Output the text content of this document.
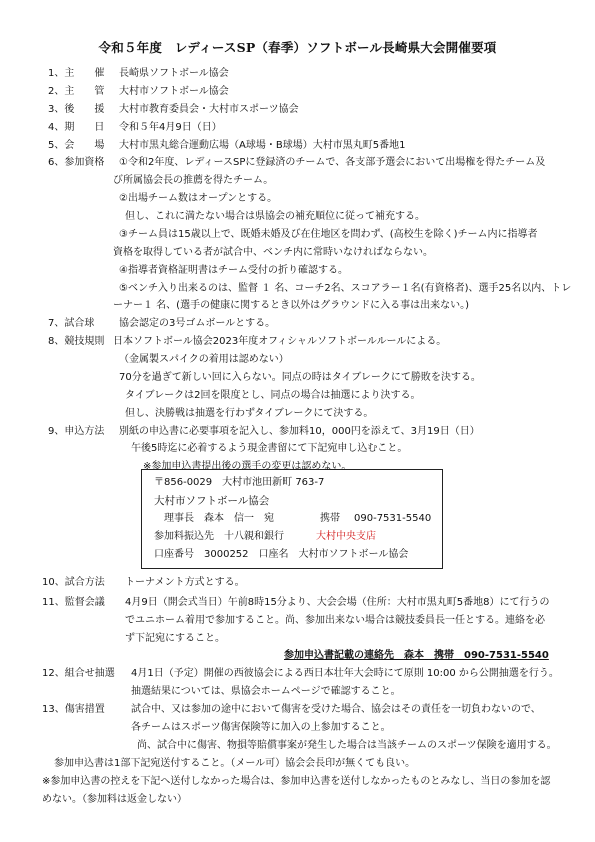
令和５年度　レディースSP（春季）ソフトボール長崎県大会開催要項
1、主　　催 長崎県ソフトボール協会
2、主　　管 大村市ソフトボール協会
3、後　　援 大村市教育委員会・大村市スポーツ協会
4、期　　日 令和５年4月9日（日）
5、会　　場 大村市黒丸総合運動広場（A球場・B球場）大村市黒丸町5番地1
6、参加資格 ①令和2年度、レディースSPに登録済のチームで、各支部予選会において出場権を得たチーム及
び所属協会長の推薦を得たチーム。
②出場チーム数はオープンとする。
但し、これに満たない場合は県協会の補充順位に従って補充する。
③チーム員は15歳以上で、既婚未婚及び在住地区を問わず、(高校生を除く)チーム内に指導者
資格を取得している者が試合中、ベンチ内に常時いなければならない。
④指導者資格証明書はチーム受付の折り確認する。
⑤ベンチ入り出来るのは、監督 １ 名、コーチ2名、スコアラー１名(有資格者)、選手25名以内、トレ
ーナー１ 名、(選手の健康に関するとき以外はグラウンドに入る事は出来ない。)
7、試合球 協会認定の3号ゴムボールとする。
8、競技規則 日本ソフトボール協会2023年度オフィシャルソフトボールルールによる。
（金属製スパイクの着用は認めない）
70分を過ぎて新しい回に入らない。同点の時はタイブレークにて勝敗を決する。
タイブレークは2回を限度とし、同点の場合は抽選により決する。
但し、決勝戦は抽選を行わずタイブレークにて決する。
9、申込方法 別紙の申込書に必要事項を記入し、参加料10，000円を添えて、3月19日（日）
午後5時迄に必着するよう現金書留にて下記宛申し込むこと。
※参加申込書提出後の選手の変更は認めない。
〒856-0029　大村市池田新町 763-7
大村市ソフトボール協会
理事長　森本　信一　宛	携帯 090-7531-5540
参加料振込先　十八親和銀行	大村中央支店
口座番号　3000252　口座名　大村市ソフトボール協会
10、試合方法 トーナメント方式とする。
11、監督会議 4月9日（開会式当日）午前8時15分より、大会会場（住所：大村市黒丸町5番地8）にて行うの
でユニホーム着用で参加すること。尚、参加出来ない場合は競技委員長一任とする。連絡を必
ず下記宛にすること。
参加申込書記載の連絡先　森本　携帯　090-7531-5540
12、組合せ抽選 4月1日（予定）開催の西彼協会による西日本壮年大会時にて原則 10:00 から公開抽選を行う。
抽選結果については、県協会ホームページで確認すること。
13、傷害措置	試合中、又は参加の途中において傷害を受けた場合、協会はその責任を一切負わないので、
各チームはスポーツ傷害保険等に加入の上参加すること。
尚、試合中に傷害、物損等賠償事案が発生した場合は当該チームのスポーツ保険を適用する。
参加申込書は1部下記宛送付すること。（メール可）協会会長印が無くても良い。
※参加申込書の控えを下記へ送付しなかった場合は、参加申込書を送付しなかったものとみなし、当日の参加を認
めない。（参加料は返金しない）
